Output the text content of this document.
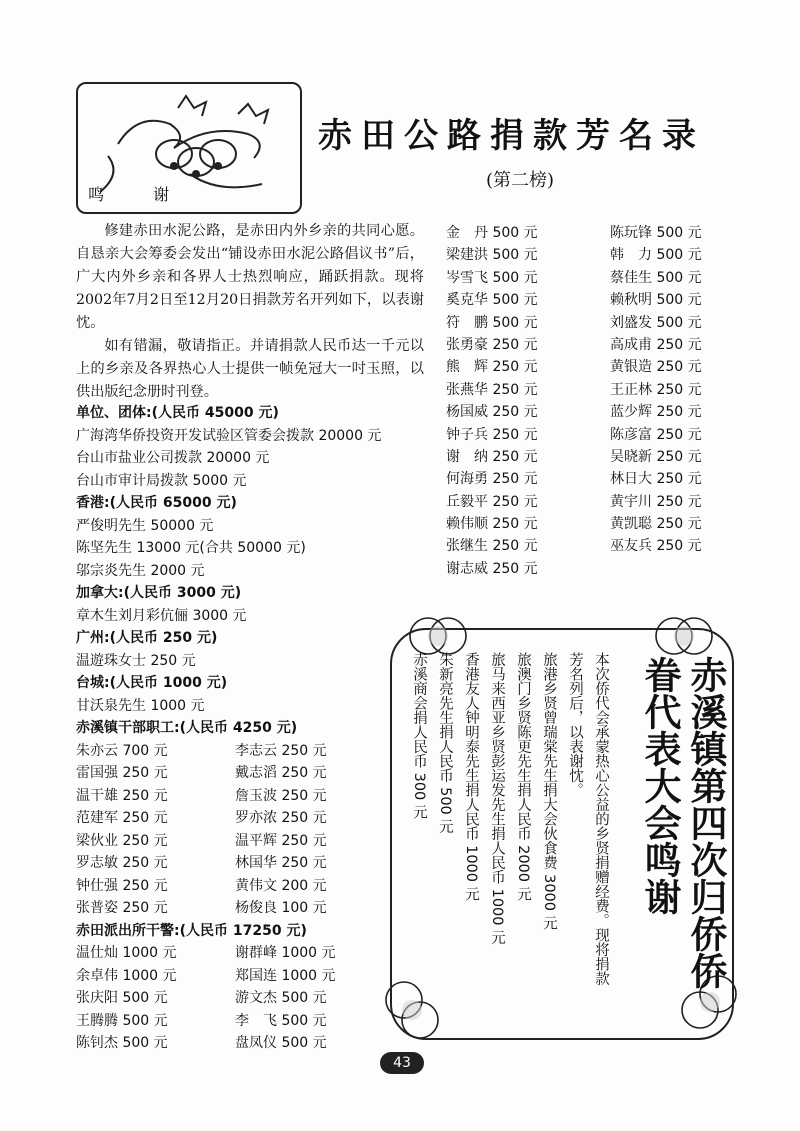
鸣 谢
赤田公路捐款芳名录
(第二榜)

修建赤田水泥公路，是赤田内外乡亲的共同心愿。自恳亲大会筹委会发出“铺设赤田水泥公路倡议书”后，广大内外乡亲和各界人士热烈响应，踊跃捐款。现将2002年7月2日至12月20日捐款芳名开列如下，以表谢忱。

如有错漏，敬请指正。并请捐款人民币达一千元以上的乡亲及各界热心人士提供一帧免冠大一吋玉照，以供出版纪念册时刊登。

单位、团体:(人民币 45000 元)
广海湾华侨投资开发试验区管委会拨款 20000 元
台山市盐业公司拨款 20000 元
台山市审计局拨款 5000 元
香港:(人民币 65000 元)
严俊明先生 50000 元
陈坚先生 13000 元(合共 50000 元)
邬宗炎先生 2000 元
加拿大:(人民币 3000 元)
章木生刘月彩伉俪 3000 元
广州:(人民币 250 元)
温遊珠女士 250 元
台城:(人民币 1000 元)
甘沃泉先生 1000 元
赤溪镇干部职工:(人民币 4250 元)
朱亦云 700 元	李志云 250 元
雷国强 250 元	戴志滔 250 元
温干雄 250 元	詹玉波 250 元
范建军 250 元	罗亦浓 250 元
梁伙业 250 元	温平辉 250 元
罗志敏 250 元	林国华 250 元
钟仕强 250 元	黄伟文 200 元
张普姿 250 元	杨俊良 100 元
赤田派出所干警:(人民币 17250 元)
温仕灿 1000 元	谢群峰 1000 元
余卓伟 1000 元	郑国连 1000 元
张庆阳 500 元	游文杰 500 元
王腾腾 500 元	李　飞 500 元
陈钊杰 500 元	盘凤仪 500 元
金　丹 500 元
梁建洪 500 元
岑雪飞 500 元
奚克华 500 元
符　鹏 500 元
张勇豪 250 元
熊　辉 250 元
张燕华 250 元
杨国威 250 元
钟子兵 250 元
谢　纳 250 元
何海勇 250 元
丘毅平 250 元
赖伟顺 250 元
张继生 250 元
谢志威 250 元
陈玩锋 500 元
韩　力 500 元
蔡佳生 500 元
赖秋明 500 元
刘盛发 500 元
高成甫 250 元
黄银造 250 元
王正林 250 元
蓝少辉 250 元
陈彦富 250 元
吴晓新 250 元
林日大 250 元
黄宇川 250 元
黄凯聪 250 元
巫友兵 250 元
本次侨代会承蒙热心公益的乡贤捐赠经费。现将捐款芳名列后，以表谢忱。
旅港乡贤曾瑞棠先生捐大会伙食费 3000 元
旅澳门乡贤陈更先生捐人民币 2000 元
旅马来西亚乡贤彭运发先生捐人民币 1000 元
香港友人钟明泰先生捐人民币 1000 元
朱新亮先生捐人民币 500 元
赤溪商会捐人民币 300 元	赤溪镇第四次归侨侨眷代表大会鸣谢
43
